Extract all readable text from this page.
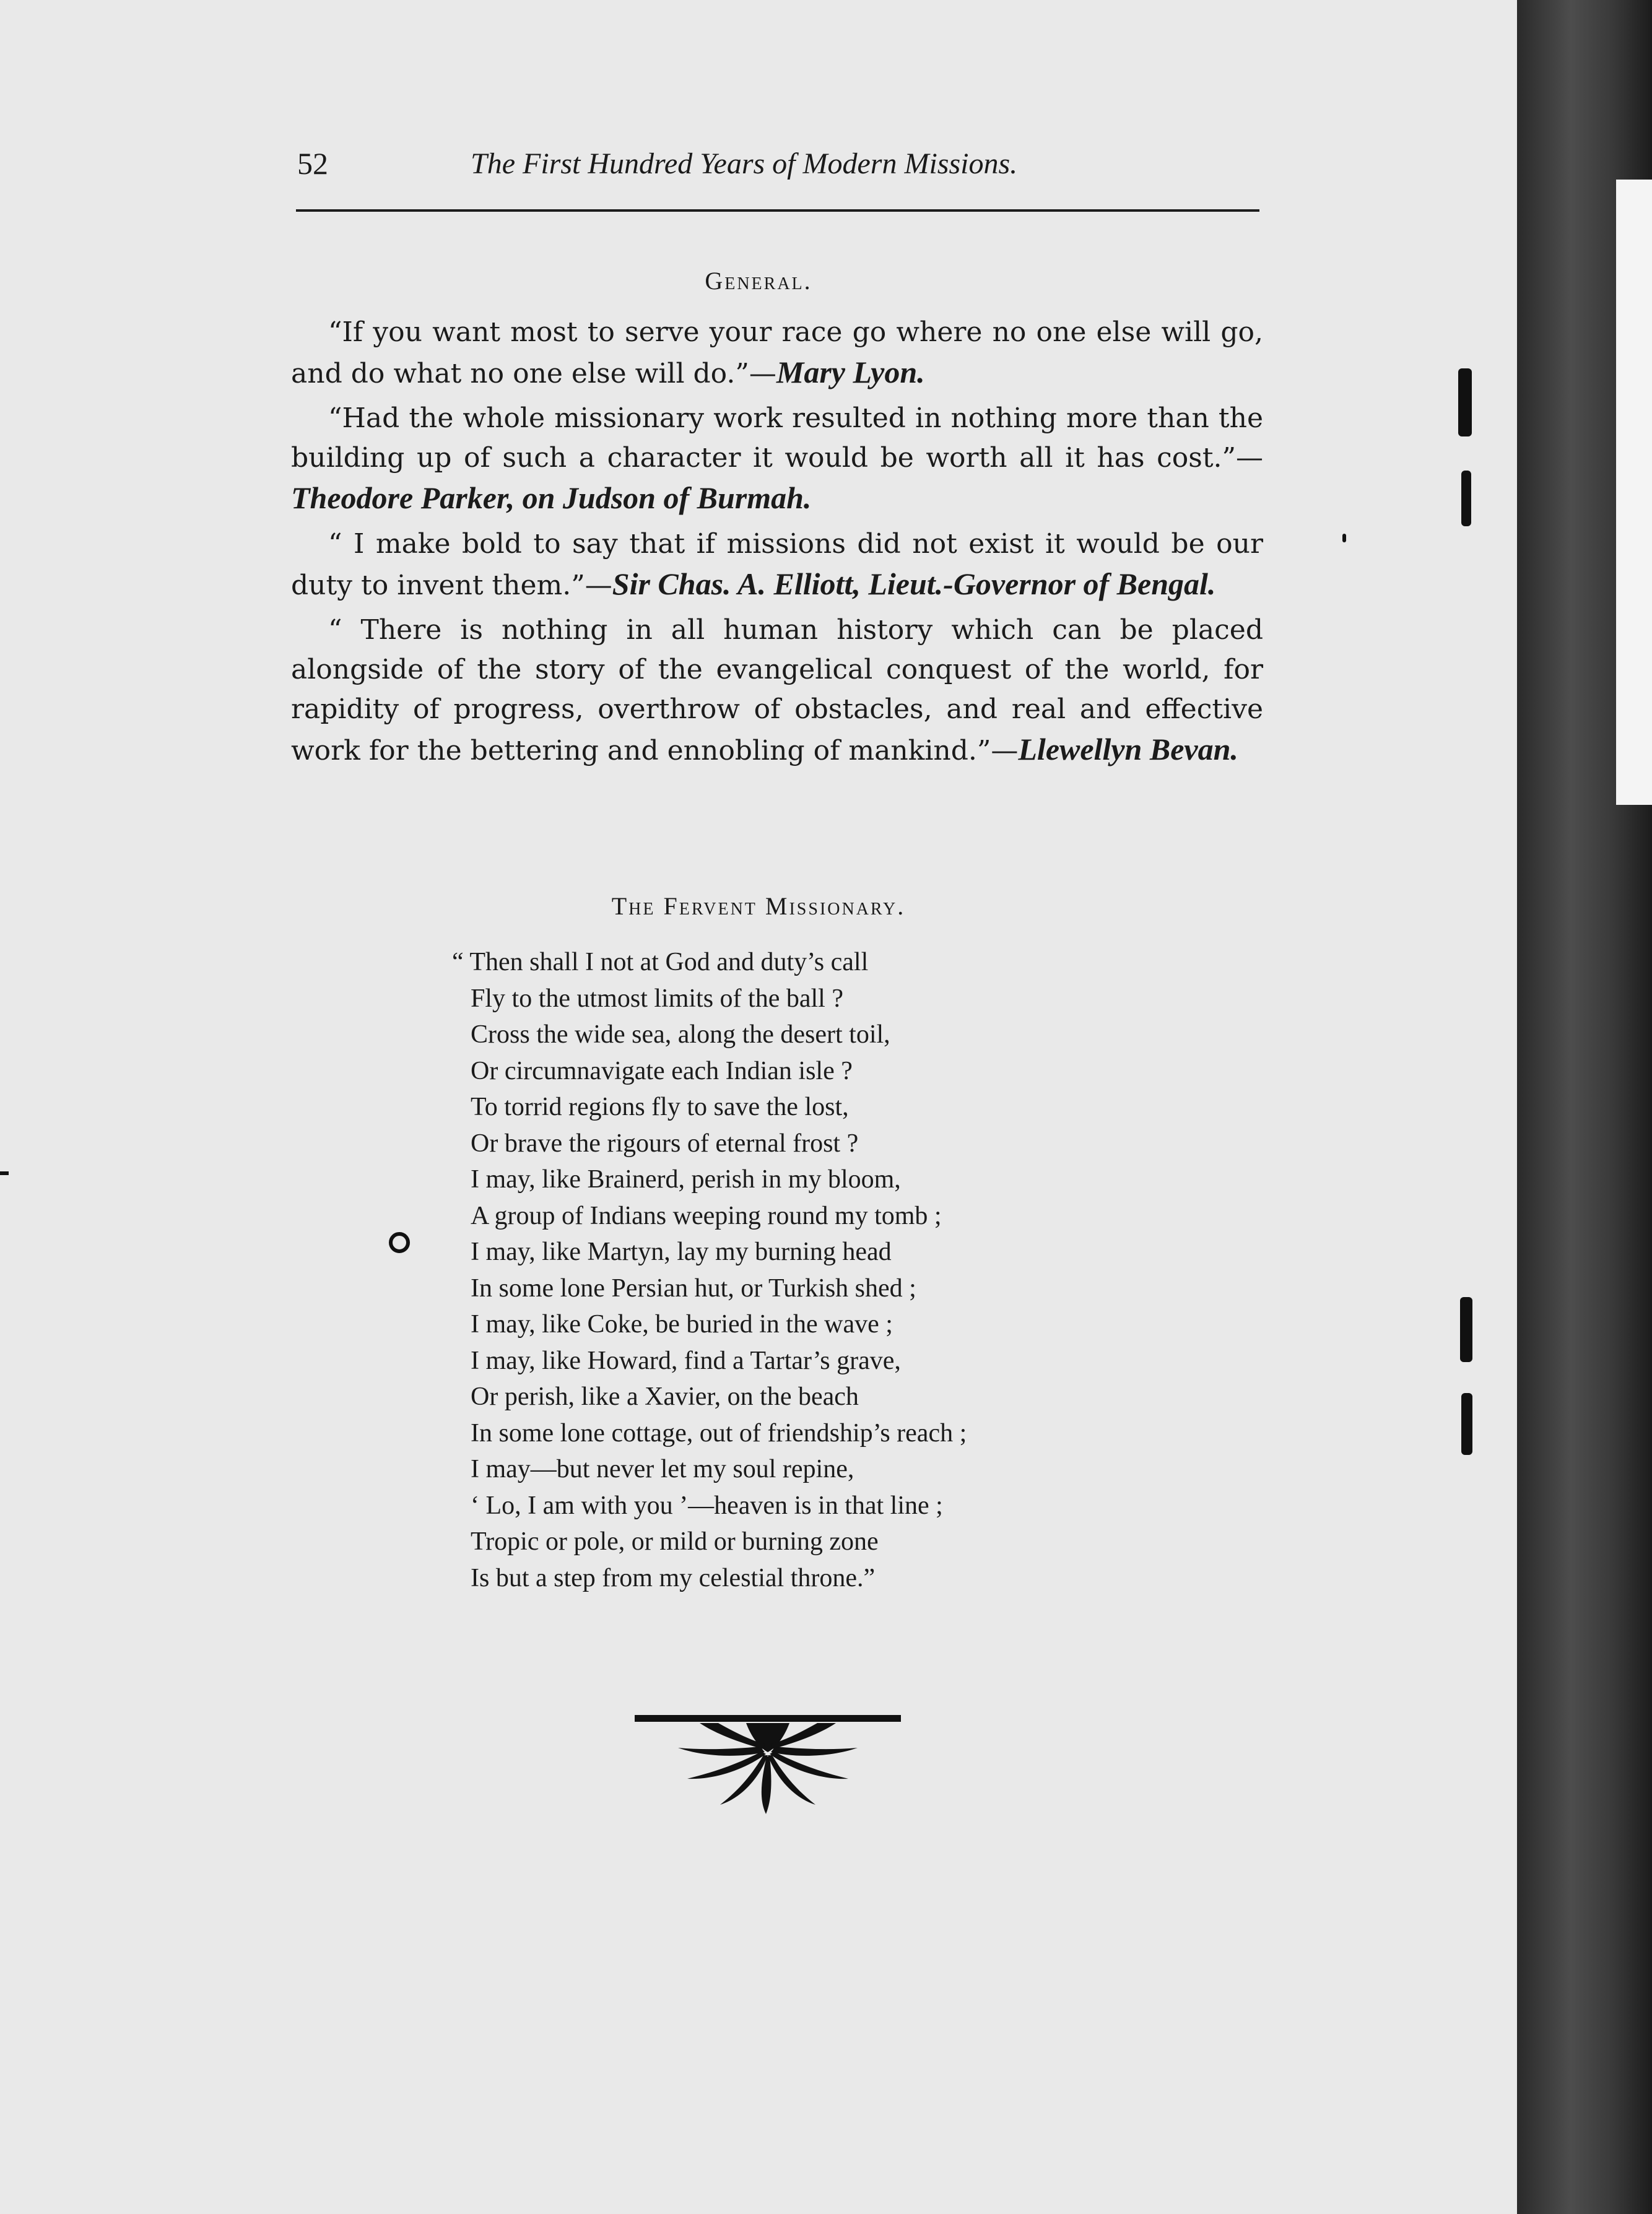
52	The First Hundred Years of Modern Missions.
General.

“If you want most to serve your race go where no one else will go, and do what no one else will do.”—Mary Lyon.

“Had the whole missionary work resulted in nothing more than the building up of such a character it would be worth all it has cost.”—Theodore Parker, on Judson of Burmah.

“ I make bold to say that if missions did not exist it would be our duty to invent them.”—Sir Chas. A. Elliott, Lieut.-Governor of Bengal.

“ There is nothing in all human history which can be placed alongside of the story of the evangelical conquest of the world, for rapidity of progress, overthrow of obstacles, and real and effective work for the bettering and ennobling of mankind.”—Llewellyn Bevan.

The Fervent Missionary.
“ Then shall I not at God and duty’s call
Fly to the utmost limits of the ball ?
Cross the wide sea, along the desert toil,
Or circumnavigate each Indian isle ?
To torrid regions fly to save the lost,
Or brave the rigours of eternal frost ?
I may, like Brainerd, perish in my bloom,
A group of Indians weeping round my tomb ;
I may, like Martyn, lay my burning head
In some lone Persian hut, or Turkish shed ;
I may, like Coke, be buried in the wave ;
I may, like Howard, find a Tartar’s grave,
Or perish, like a Xavier, on the beach
In some lone cottage, out of friendship’s reach ;
I may—but never let my soul repine,
‘ Lo, I am with you ’—heaven is in that line ;
Tropic or pole, or mild or burning zone
Is but a step from my celestial throne.”
